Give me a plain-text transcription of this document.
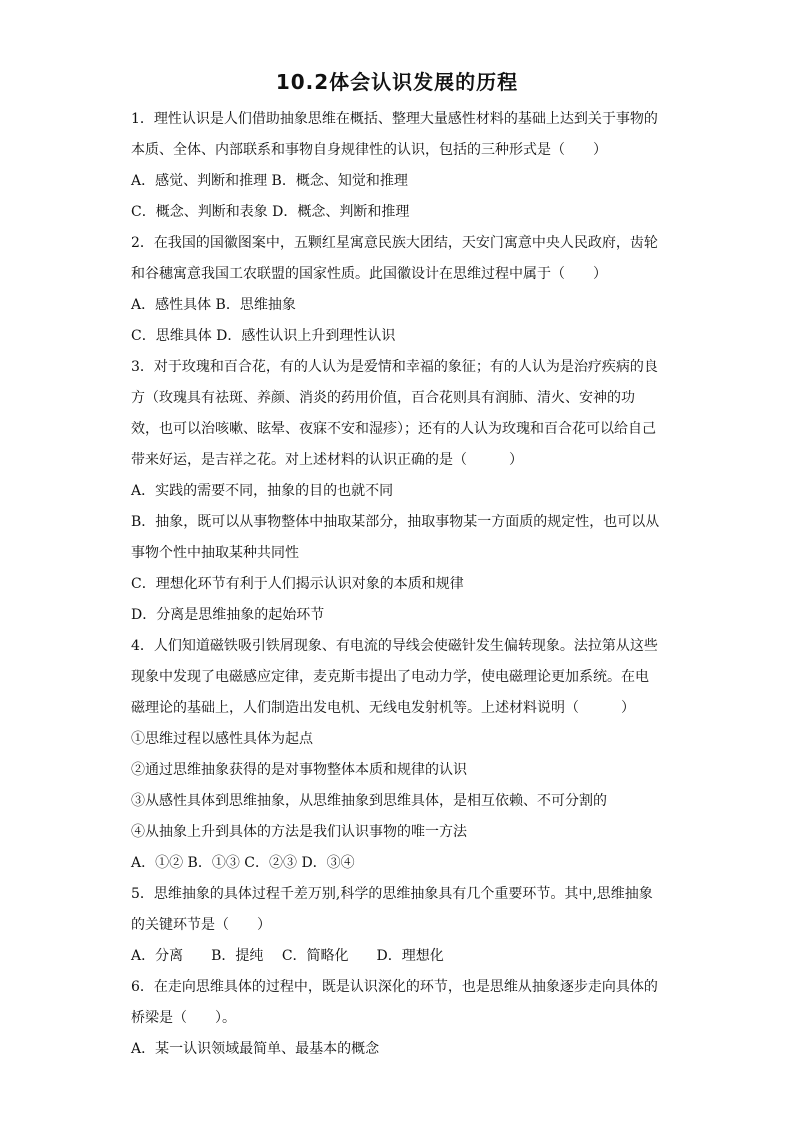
10.2体会认识发展的历程
1．理性认识是人们借助抽象思维在概括、整理大量感性材料的基础上达到关于事物的
本质、全体、内部联系和事物自身规律性的认识，包括的三种形式是（　　）
A．感觉、判断和推理 B．概念、知觉和推理
C．概念、判断和表象 D．概念、判断和推理
2．在我国的国徽图案中，五颗红星寓意民族大团结，天安门寓意中央人民政府，齿轮
和谷穗寓意我国工农联盟的国家性质。此国徽设计在思维过程中属于（　　）
A．感性具体 B．思维抽象
C．思维具体 D．感性认识上升到理性认识
3．对于玫瑰和百合花，有的人认为是爱情和幸福的象征；有的人认为是治疗疾病的良
方（玫瑰具有祛斑、养颜、消炎的药用价值，百合花则具有润肺、清火、安神的功
效，也可以治咳嗽、眩晕、夜寐不安和湿疹）；还有的人认为玫瑰和百合花可以给自己
带来好运，是吉祥之花。对上述材料的认识正确的是（　　　）
A．实践的需要不同，抽象的目的也就不同
B．抽象，既可以从事物整体中抽取某部分，抽取事物某一方面质的规定性，也可以从
事物个性中抽取某种共同性
C．理想化环节有利于人们揭示认识对象的本质和规律
D．分离是思维抽象的起始环节
4．人们知道磁铁吸引铁屑现象、有电流的导线会使磁针发生偏转现象。法拉第从这些
现象中发现了电磁感应定律，麦克斯韦提出了电动力学，使电磁理论更加系统。在电
磁理论的基础上，人们制造出发电机、无线电发射机等。上述材料说明（　　　）
①思维过程以感性具体为起点
②通过思维抽象获得的是对事物整体本质和规律的认识
③从感性具体到思维抽象，从思维抽象到思维具体，是相互依赖、不可分割的
④从抽象上升到具体的方法是我们认识事物的唯一方法
A．①② B．①③ C．②③ D．③④
5．思维抽象的具体过程千差万别,科学的思维抽象具有几个重要环节。其中,思维抽象
的关键环节是（　　）
A．分离　　B．提纯　 C．简略化　　D．理想化
6．在走向思维具体的过程中，既是认识深化的环节，也是思维从抽象逐步走向具体的
桥梁是（　　）。
A．某一认识领域最简单、最基本的概念
